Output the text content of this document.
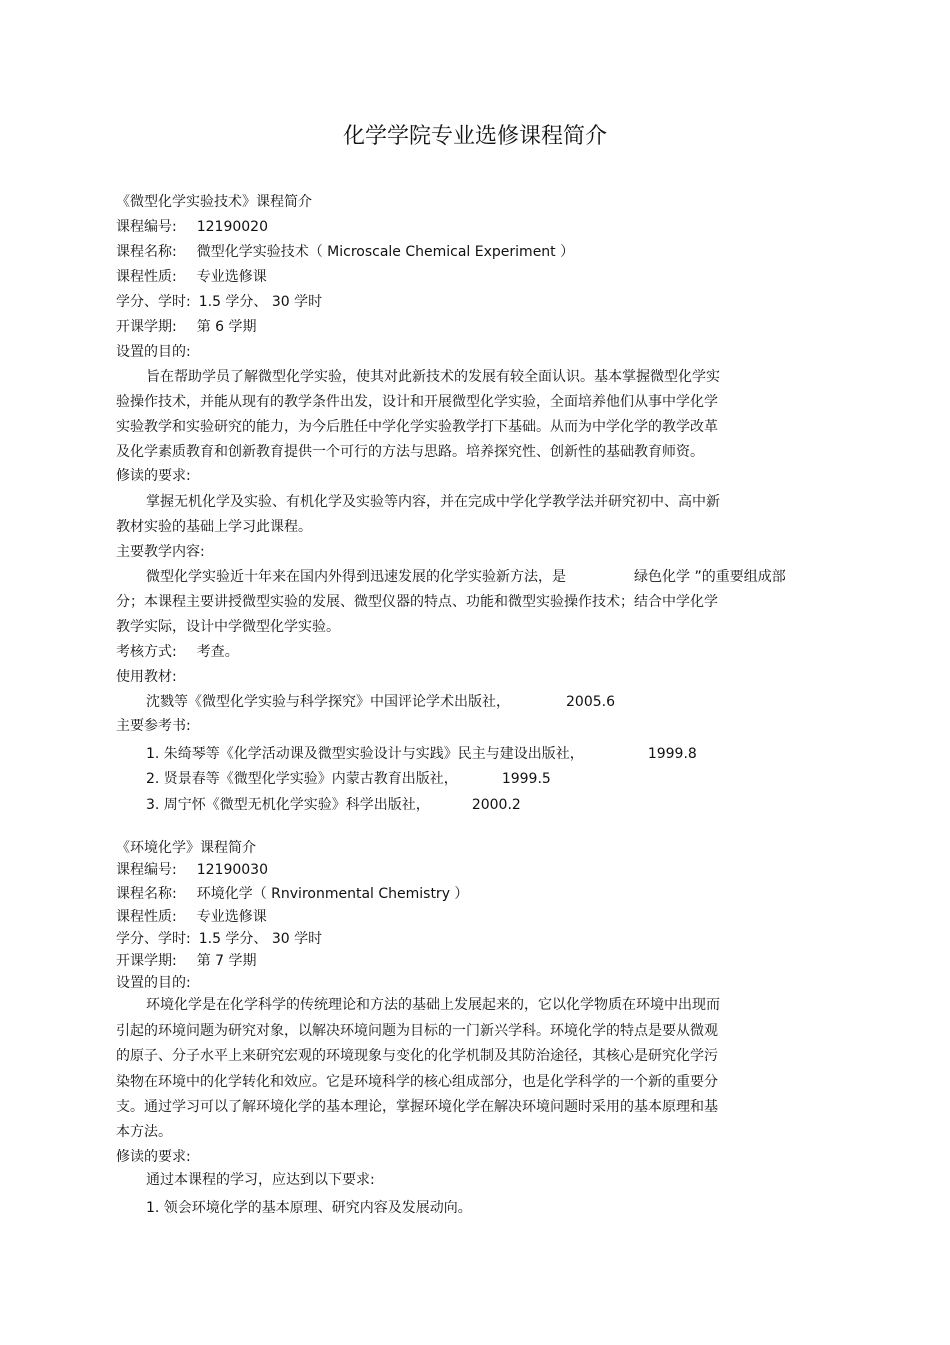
化学学院专业选修课程简介
《微型化学实验技术》课程简介
课程编号: 12190020
课程名称: 微型化学实验技术（ Microscale Chemical Experiment ）
课程性质: 专业选修课
学分、学时: 1.5 学分、 30 学时
开课学期: 第 6 学期
设置的目的:
旨在帮助学员了解微型化学实验，使其对此新技术的发展有较全面认识。基本掌握微型化学实
验操作技术，并能从现有的教学条件出发，设计和开展微型化学实验，全面培养他们从事中学化学
实验教学和实验研究的能力，为今后胜任中学化学实验教学打下基础。从而为中学化学的教学改革
及化学素质教育和创新教育提供一个可行的方法与思路。培养探究性、创新性的基础教育师资。
修读的要求:
掌握无机化学及实验、有机化学及实验等内容，并在完成中学化学教学法并研究初中、高中新
教材实验的基础上学习此课程。
主要教学内容:
微型化学实验近十年来在国内外得到迅速发展的化学实验新方法，是	绿色化学 ”的重要组成部
分；本课程主要讲授微型实验的发展、微型仪器的特点、功能和微型实验操作技术；结合中学化学
教学实际，设计中学微型化学实验。
考核方式: 考查。
使用教材:
沈戮等《微型化学实验与科学探究》中国评论学术出版社，	2005.6
主要参考书:
1. 朱绮琴等《化学活动课及微型实验设计与实践》民主与建设出版社，	1999.8
2. 贤景春等《微型化学实验》内蒙古教育出版社，	1999.5
3. 周宁怀《微型无机化学实验》科学出版社，	2000.2
《环境化学》课程简介
课程编号: 12190030
课程名称: 环境化学（ Rnvironmental Chemistry ）
课程性质: 专业选修课
学分、学时: 1.5 学分、 30 学时
开课学期: 第 7 学期
设置的目的:
环境化学是在化学科学的传统理论和方法的基础上发展起来的，它以化学物质在环境中出现而
引起的环境问题为研究对象，以解决环境问题为目标的一门新兴学科。环境化学的特点是要从微观
的原子、分子水平上来研究宏观的环境现象与变化的化学机制及其防治途径，其核心是研究化学污
染物在环境中的化学转化和效应。它是环境科学的核心组成部分，也是化学科学的一个新的重要分
支。通过学习可以了解环境化学的基本理论，掌握环境化学在解决环境问题时采用的基本原理和基
本方法。
修读的要求:
通过本课程的学习，应达到以下要求:
1. 领会环境化学的基本原理、研究内容及发展动向。
